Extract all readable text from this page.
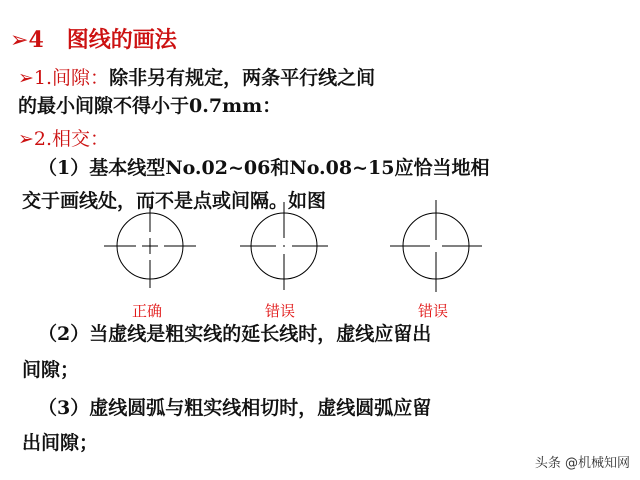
➢4 图线的画法
➢1.间隙：除非另有规定，两条平行线之间
的最小间隙不得小于0.7mm：
➢2.相交：
（1）基本线型No.02~06和No.08~15应恰当地相
交于画线处，而不是点或间隔。如图
正确	错误	错误
（2）当虚线是粗实线的延长线时，虚线应留出
间隙；
（3）虚线圆弧与粗实线相切时，虚线圆弧应留
出间隙；
头条 @机械知网
